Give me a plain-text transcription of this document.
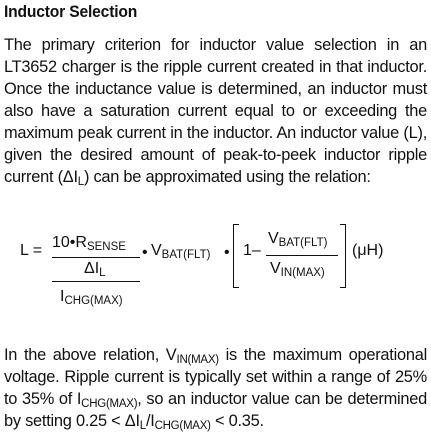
Inductor Selection
The primary criterion for inductor value selection in an LT3652 charger is the ripple current created in that inductor. Once the inductance value is determined, an inductor must also have a saturation current equal to or exceeding the maximum peak current in the inductor. An inductor value (L), given the desired amount of peak-to-peek inductor ripple current $(\Delta I_L)$ can be approximated using the relation:
$L = 10•R_{SENSE}$
$\Delta I_L$
$I_{CHG(MAX)}$
• $V_{BAT(FLT)}$ • 1–
$V_{BAT(FLT)}$
$V_{IN(MAX)}$
(μH)
In the above relation, $V_{IN(MAX)}$ is the maximum operational voltage. Ripple current is typically set within a range of 25% to 35% of $I_{CHG(MAX)}$, so an inductor value can be determined by setting $0.25 < \Delta I_L/I_{CHG(MAX)} < 0.35$.
